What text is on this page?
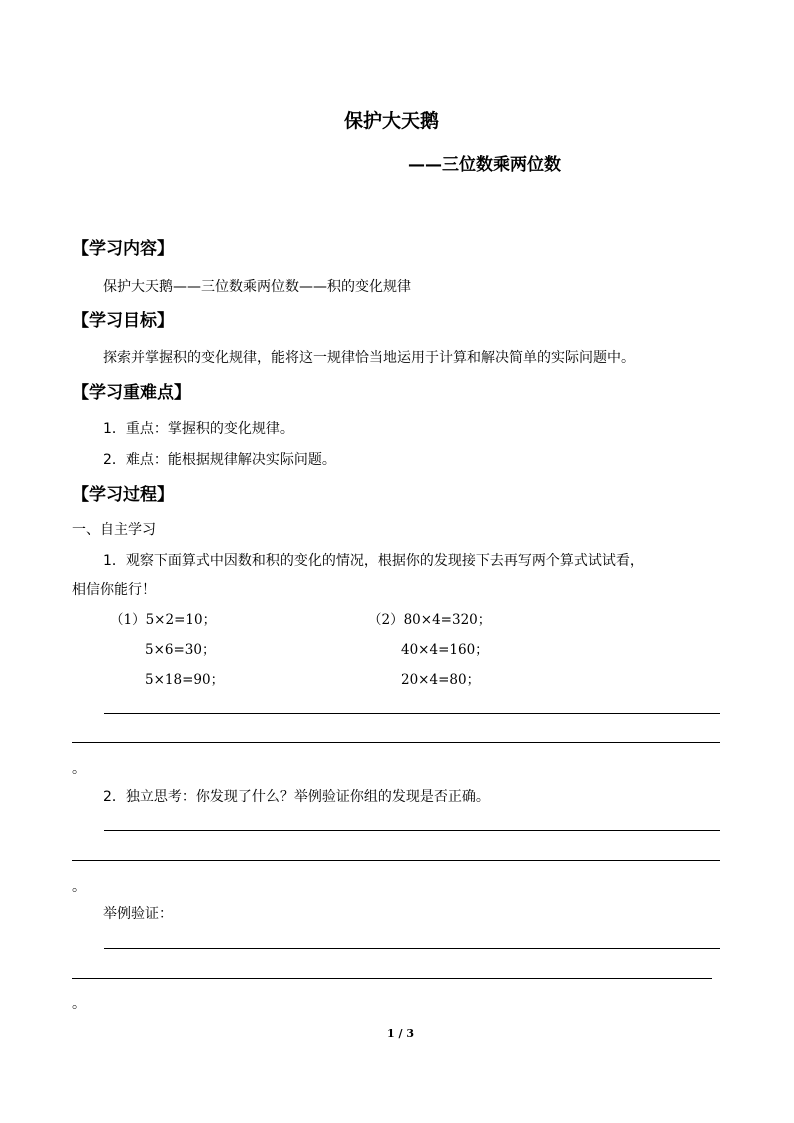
保护大天鹅
——三位数乘两位数
【学习内容】
保护大天鹅——三位数乘两位数——积的变化规律
【学习目标】
探索并掌握积的变化规律，能将这一规律恰当地运用于计算和解决简单的实际问题中。
【学习重难点】
1．重点：掌握积的变化规律。
2．难点：能根据规律解决实际问题。
【学习过程】
一、自主学习
1．观察下面算式中因数和积的变化的情况，根据你的发现接下去再写两个算式试试看，
相信你能行！
（1）5×2=10；
5×6=30；
5×18=90；
（2）80×4=320；
40×4=160；
20×4=80；
。
2．独立思考：你发现了什么？举例验证你组的发现是否正确。
。
举例验证：
。
1 / 3
